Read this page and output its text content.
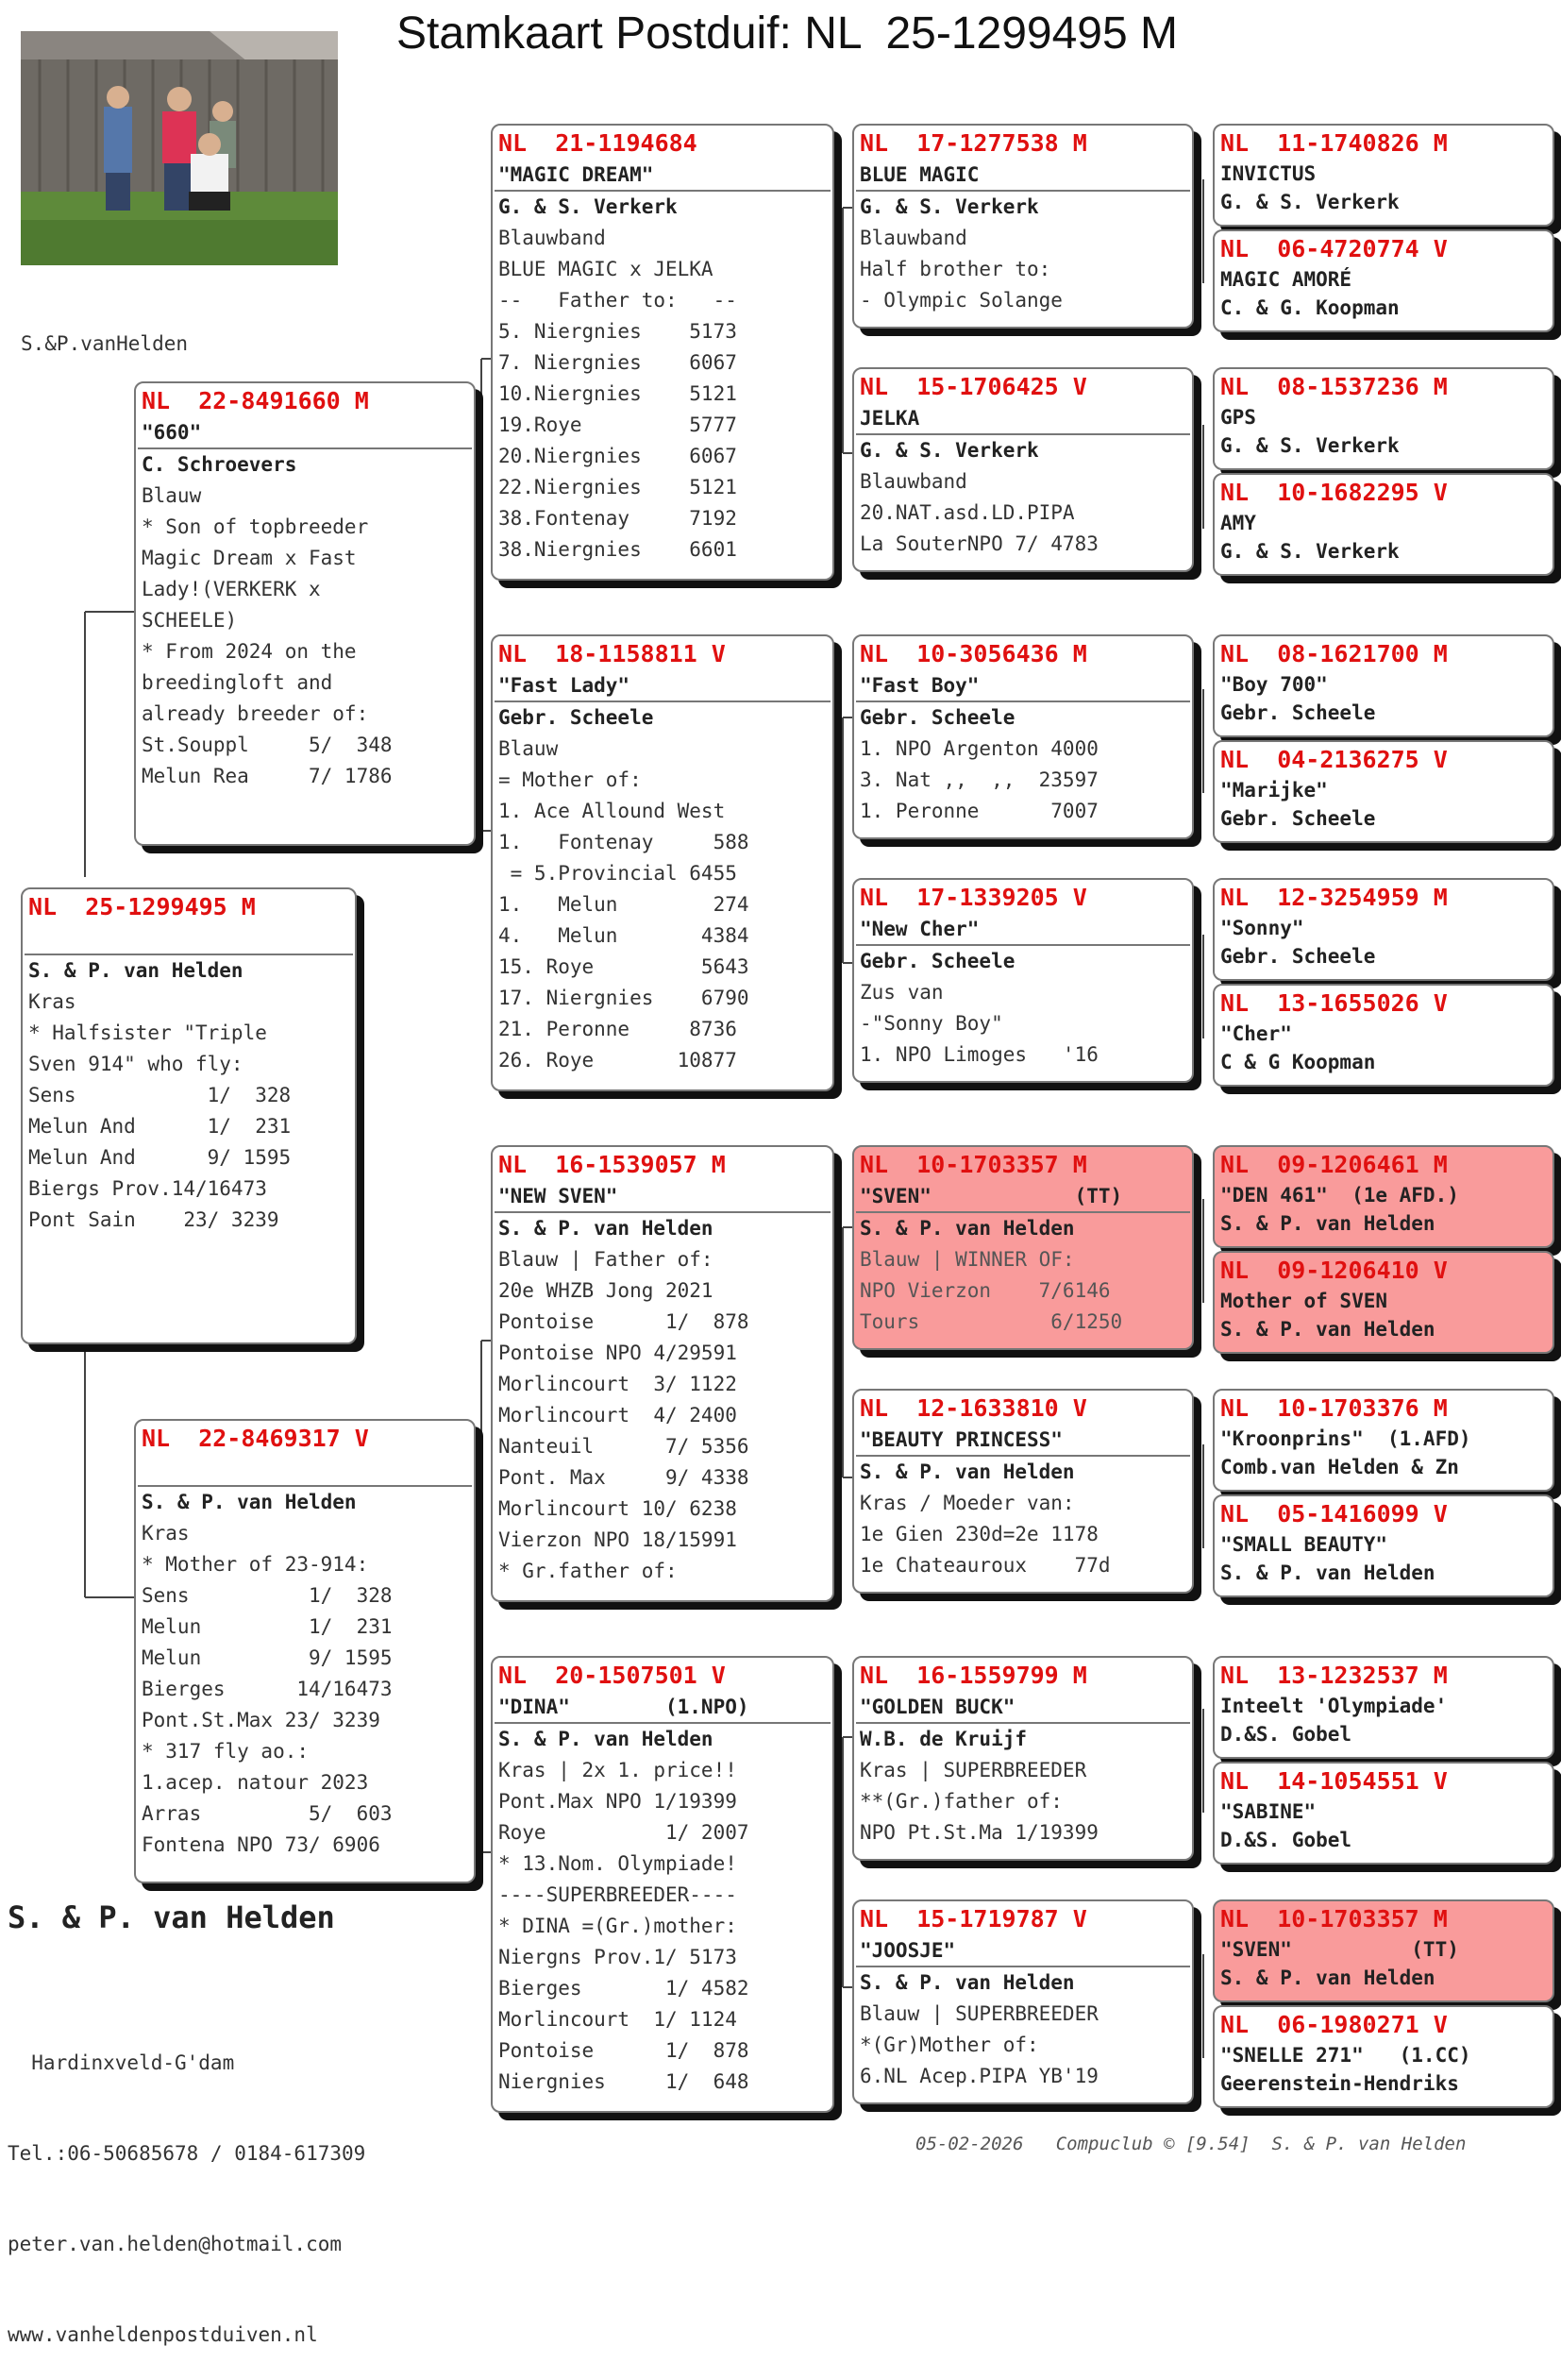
Stamkaart Postduif: NL  25-1299495 M
S.&P.vanHelden
NL  25-1299495 M
S. & P. van Helden
Kras
* Halfsister "Triple
Sven 914" who fly:
Sens           1/  328
Melun And      1/  231
Melun And      9/ 1595
Biergs Prov.14/16473
Pont Sain    23/ 3239
NL  22-8491660 M
"660"
C. Schroevers
Blauw
* Son of topbreeder
Magic Dream x Fast
Lady!(VERKERK x
SCHEELE)
* From 2024 on the
breedingloft and
already breeder of:
St.Souppl     5/  348
Melun Rea     7/ 1786
NL  22-8469317 V
S. & P. van Helden
Kras
* Mother of 23-914:
Sens          1/  328
Melun         1/  231
Melun         9/ 1595
Bierges      14/16473
Pont.St.Max 23/ 3239
* 317 fly ao.:
1.acep. natour 2023
Arras         5/  603
Fontena NPO 73/ 6906
NL  21-1194684
"MAGIC DREAM"
G. & S. Verkerk
Blauwband
BLUE MAGIC x JELKA
--   Father to:   --
5. Niergnies    5173
7. Niergnies    6067
10.Niergnies    5121
19.Roye         5777
20.Niergnies    6067
22.Niergnies    5121
38.Fontenay     7192
38.Niergnies    6601
NL  18-1158811 V
"Fast Lady"
Gebr. Scheele
Blauw
= Mother of:
1. Ace Allound West
1.   Fontenay     588
= 5.Provincial 6455
1.   Melun        274
4.   Melun       4384
15. Roye         5643
17. Niergnies    6790
21. Peronne     8736
26. Roye       10877
NL  16-1539057 M
"NEW SVEN"
S. & P. van Helden
Blauw | Father of:
20e WHZB Jong 2021
Pontoise      1/  878
Pontoise NPO 4/29591
Morlincourt  3/ 1122
Morlincourt  4/ 2400
Nanteuil      7/ 5356
Pont. Max     9/ 4338
Morlincourt 10/ 6238
Vierzon NPO 18/15991
* Gr.father of:
NL  20-1507501 V
"DINA"        (1.NPO)
S. & P. van Helden
Kras | 2x 1. price!!
Pont.Max NPO 1/19399
Roye          1/ 2007
* 13.Nom. Olympiade!
----SUPERBREEDER----
* DINA =(Gr.)mother:
Niergns Prov.1/ 5173
Bierges       1/ 4582
Morlincourt  1/ 1124
Pontoise      1/  878
Niergnies     1/  648
NL  17-1277538 M
BLUE MAGIC
G. & S. Verkerk
Blauwband
Half brother to:
- Olympic Solange
NL  15-1706425 V
JELKA
G. & S. Verkerk
Blauwband
20.NAT.asd.LD.PIPA
La SouterNPO 7/ 4783
NL  10-3056436 M
"Fast Boy"
Gebr. Scheele
1. NPO Argenton 4000
3. Nat ,,  ,,  23597
1. Peronne      7007
NL  17-1339205 V
"New Cher"
Gebr. Scheele
Zus van
-"Sonny Boy"
1. NPO Limoges   '16
NL  10-1703357 M
"SVEN"            (TT)
S. & P. van Helden
Blauw | WINNER OF:
NPO Vierzon    7/6146
Tours           6/1250
NL  12-1633810 V
"BEAUTY PRINCESS"
S. & P. van Helden
Kras / Moeder van:
1e Gien 230d=2e 1178
1e Chateauroux    77d
NL  16-1559799 M
"GOLDEN BUCK"
W.B. de Kruijf
Kras | SUPERBREEDER
**(Gr.)father of:
NPO Pt.St.Ma 1/19399
NL  15-1719787 V
"JOOSJE"
S. & P. van Helden
Blauw | SUPERBREEDER
*(Gr)Mother of:
6.NL Acep.PIPA YB'19
NL  11-1740826 M
INVICTUS
G. & S. Verkerk
NL  06-4720774 V
MAGIC AMORÉ
C. & G. Koopman
NL  08-1537236 M
GPS
G. & S. Verkerk
NL  10-1682295 V
AMY
G. & S. Verkerk
NL  08-1621700 M
"Boy 700"
Gebr. Scheele
NL  04-2136275 V
"Marijke"
Gebr. Scheele
NL  12-3254959 M
"Sonny"
Gebr. Scheele
NL  13-1655026 V
"Cher"
C & G Koopman
NL  09-1206461 M
"DEN 461"  (1e AFD.)
S. & P. van Helden
NL  09-1206410 V
Mother of SVEN
S. & P. van Helden
NL  10-1703376 M
"Kroonprins"  (1.AFD)
Comb.van Helden & Zn
NL  05-1416099 V
"SMALL BEAUTY"
S. & P. van Helden
NL  13-1232537 M
Inteelt 'Olympiade'
D.&S. Gobel
NL  14-1054551 V
"SABINE"
D.&S. Gobel
NL  10-1703357 M
"SVEN"          (TT)
S. & P. van Helden
NL  06-1980271 V
"SNELLE 271"   (1.CC)
Geerenstein-Hendriks
S. & P. van Helden

Hardinxveld-G'dam

Tel.:06-50685678 / 0184-617309

peter.van.helden@hotmail.com

www.vanheldenpostduiven.nl

05-02-2026   Compuclub © [9.54]  S. & P. van Helden
